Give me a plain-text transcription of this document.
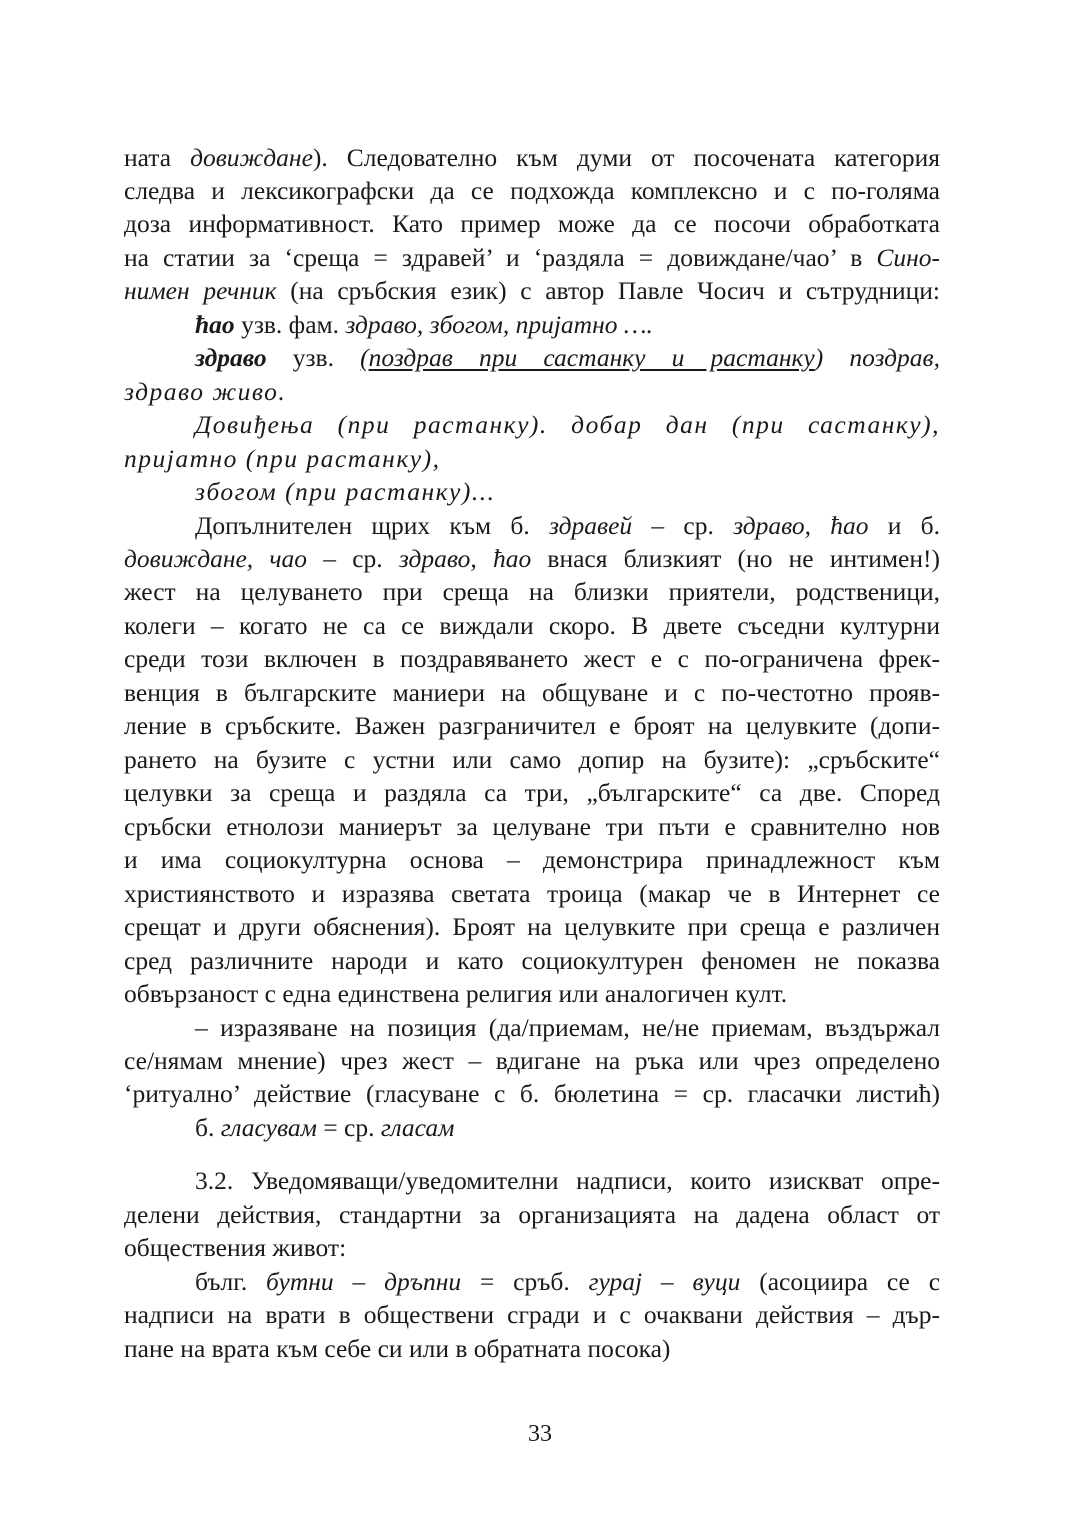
ната довиждане). Следователно към думи от посочената категория
следва и лексикографски да се подхожда комплексно и с по-голяма
доза информативност. Като пример може да се посочи обработката
на статии за ‘среща = здравей’ и ‘раздяла = довиждане/чао’ в Сино-
нимен речник (на сръбския език) с автор Павле Чосич и сътрудници:
ћао узв. фам. здраво, збогом, пријатно ….
здраво узв. (поздрав при састанку и растанку) поздрав,
здраво живо.
Довиђења (при растанку). добар дан (при састанку),
пријатно (при растанку),
збогом (при растанку)...
Допълнителен щрих към б. здравей – ср. здраво, ћао и б.
довиждане, чао – ср. здраво, ћао внася близкият (но не интимен!)
жест на целуването при среща на близки приятели, родственици,
колеги – когато не са се виждали скоро. В двете съседни културни
среди този включен в поздравяването жест е с по-ограничена фрек-
венция в българските маниери на общуване и с по-честотно прояв-
ление в сръбските. Важен разграничител е броят на целувките (допи-
рането на бузите с устни или само допир на бузите): „сръбските“
целувки за среща и раздяла са три, „българските“ са две. Според
сръбски етнолози маниерът за целуване три пъти е сравнително нов
и има социокултурна основа – демонстрира принадлежност към
християнството и изразява светата троица (макар че в Интернет се
срещат и други обяснения). Броят на целувките при среща е различен
сред различните народи и като социокултурен феномен не показва
обвързаност с една единствена религия или аналогичен култ.
– изразяване на позиция (да/приемам, не/не приемам, въздържал
се/нямам мнение) чрез жест – вдигане на ръка или чрез определено
‘ритуално’ действие (гласуване с б. бюлетина = ср. гласачки листић)
б. гласувам = ср. гласам
3.2. Уведомяващи/уведомителни надписи, които изискват опре-
делени действия, стандартни за организацията на дадена област от
обществения живот:
бълг. бутни – дръпни = сръб. гурај – вуци (асоциира се с
надписи на врати в обществени сгради и с очаквани действия – дър-
пане на врата към себе си или в обратната посока)
33
